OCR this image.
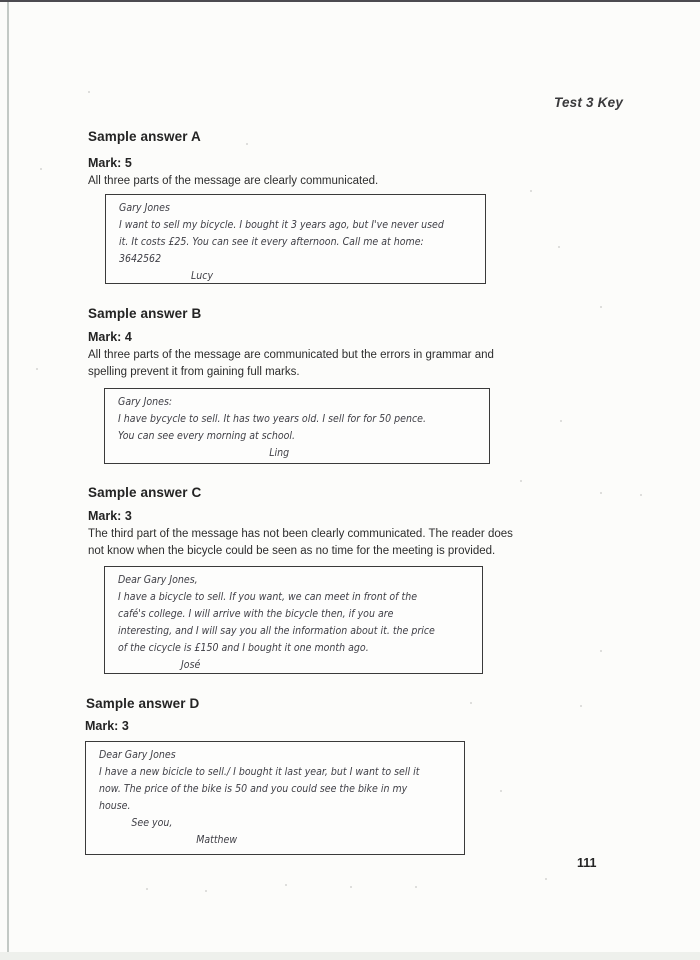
Test 3 Key
Sample answer A
Mark: 5
All three parts of the message are clearly communicated.
Gary Jones
I want to sell my bicycle. I bought it 3 years ago, but I've never used
it. It costs £25. You can see it every afternoon. Call me at home:
3642562
Lucy
Sample answer B
Mark: 4
All three parts of the message are communicated but the errors in grammar and
spelling prevent it from gaining full marks.
Gary Jones:
I have bycycle to sell. It has two years old. I sell for for 50 pence.
You can see every morning at school.
Ling
Sample answer C
Mark: 3
The third part of the message has not been clearly communicated. The reader does
not know when the bicycle could be seen as no time for the meeting is provided.
Dear Gary Jones,
I have a bicycle to sell. If you want, we can meet in front of the
café's college. I will arrive with the bicycle then, if you are
interesting, and I will say you all the information about it. the price
of the cicycle is £150 and I bought it one month ago.
José
Sample answer D
Mark: 3
Dear Gary Jones
I have a new bicicle to sell./ I bought it last year, but I want to sell it
now. The price of the bike is 50 and you could see the bike in my
house.
See you,
Matthew
111
